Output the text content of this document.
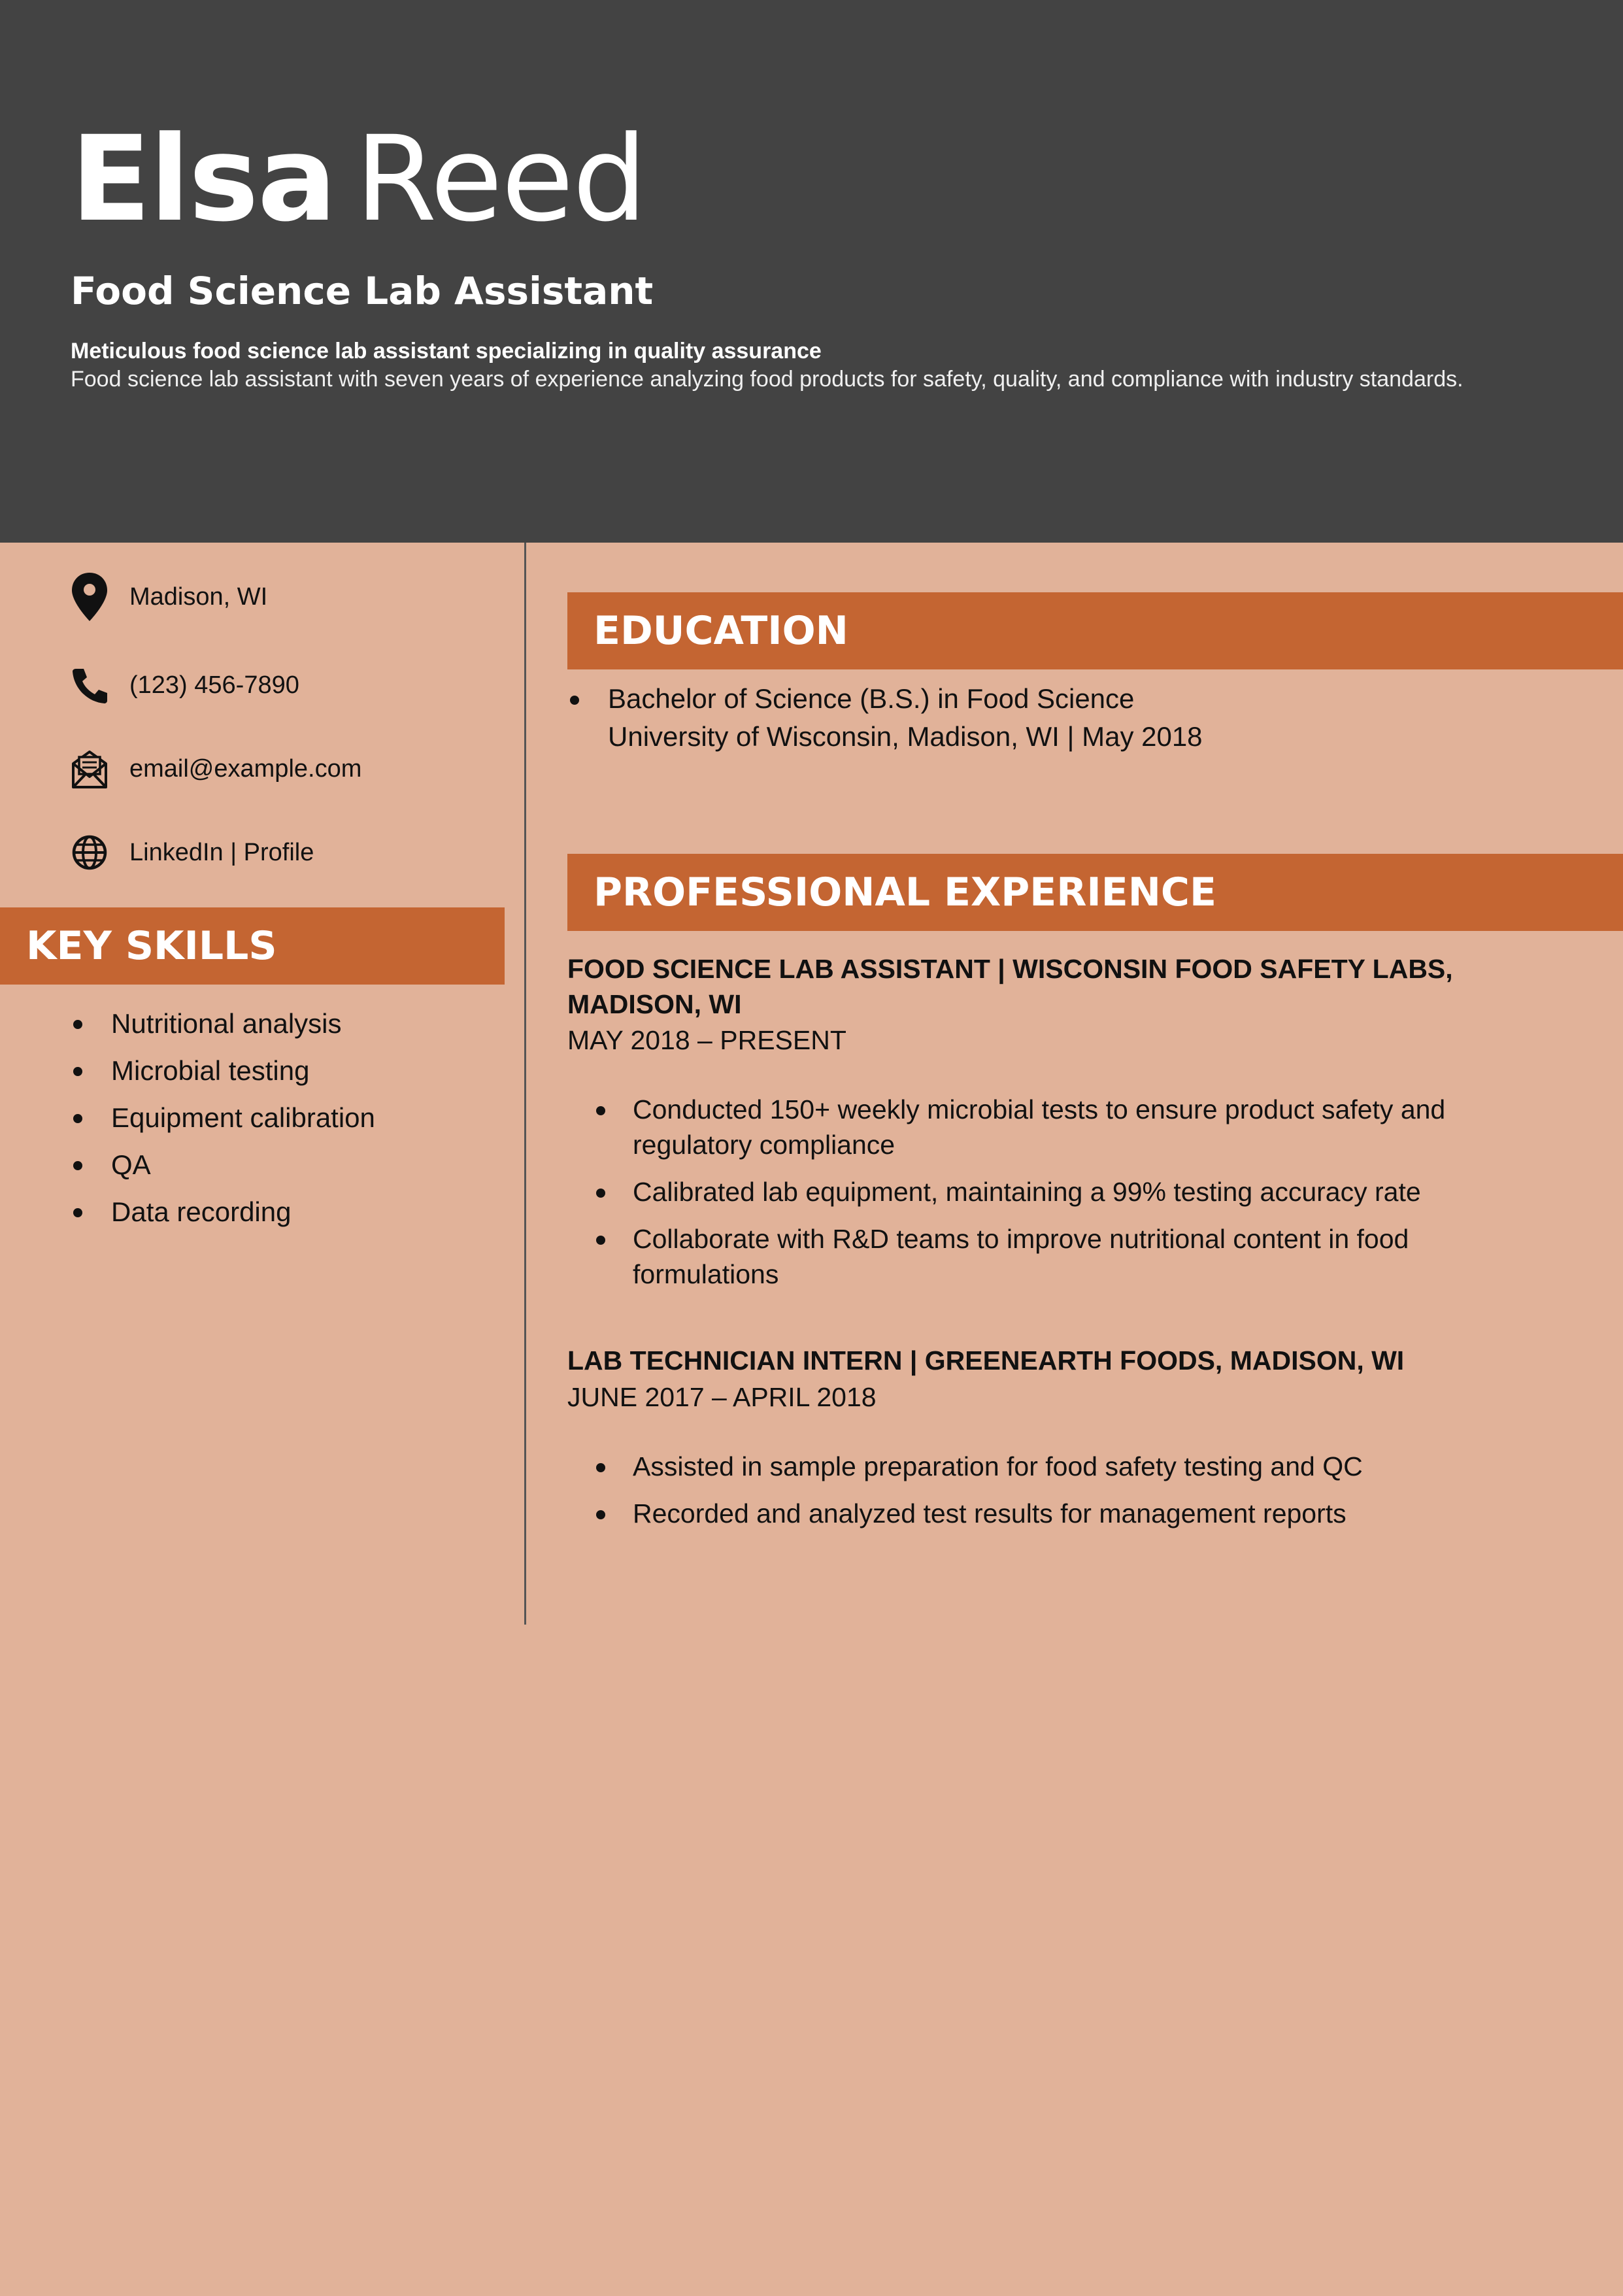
Elsa Reed
Food Science Lab Assistant
Meticulous food science lab assistant specializing in quality assurance
Food science lab assistant with seven years of experience analyzing food products for safety, quality, and compliance with industry standards.
Madison, WI
(123) 456-7890
email@example.com
LinkedIn | Profile
KEY SKILLS
Nutritional analysis
Microbial testing
Equipment calibration
QA
Data recording
EDUCATION
Bachelor of Science (B.S.) in Food Science
University of Wisconsin, Madison, WI | May 2018
PROFESSIONAL EXPERIENCE
FOOD SCIENCE LAB ASSISTANT | WISCONSIN FOOD SAFETY LABS, MADISON, WI
MAY 2018 – PRESENT
Conducted 150+ weekly microbial tests to ensure product safety and regulatory compliance
Calibrated lab equipment, maintaining a 99% testing accuracy rate
Collaborate with R&D teams to improve nutritional content in food formulations
LAB TECHNICIAN INTERN | GREENEARTH FOODS, MADISON, WI
JUNE 2017 – APRIL 2018
Assisted in sample preparation for food safety testing and QC
Recorded and analyzed test results for management reports
